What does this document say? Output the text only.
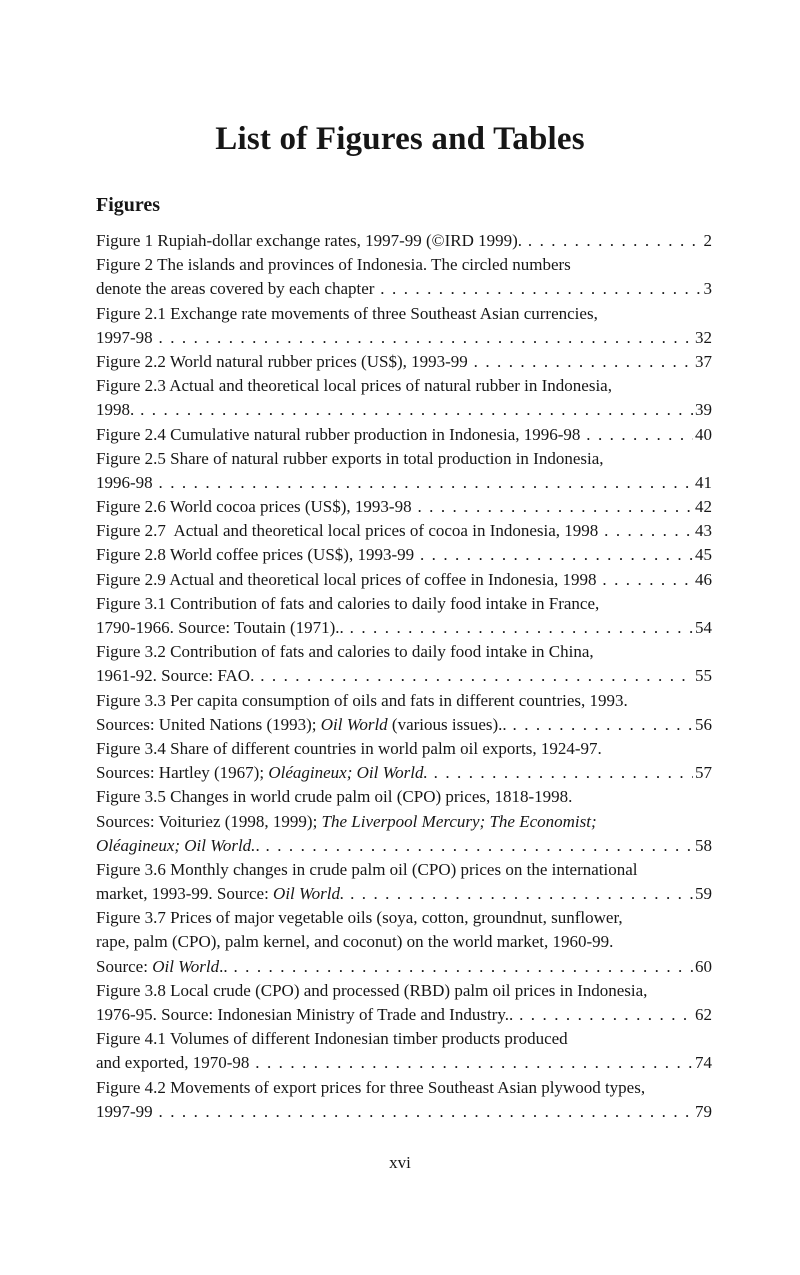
List of Figures and Tables
Figures
Figure 1 Rupiah-dollar exchange rates, 1997-99 (©IRD 1999). . . .	2
Figure 2 The islands and provinces of Indonesia. The circled numbers
denote the areas covered by each chapter . . .	3
Figure 2.1 Exchange rate movements of three Southeast Asian currencies,
1997-98 . . .	32
Figure 2.2 World natural rubber prices (US$), 1993-99 . . .	37
Figure 2.3 Actual and theoretical local prices of natural rubber in Indonesia,
1998. . . .	39
Figure 2.4 Cumulative natural rubber production in Indonesia, 1996-98 . . .	40
Figure 2.5 Share of natural rubber exports in total production in Indonesia,
1996-98 . . .	41
Figure 2.6 World cocoa prices (US$), 1993-98 . . .	42
Figure 2.7  Actual and theoretical local prices of cocoa in Indonesia, 1998 . . .	43
Figure 2.8 World coffee prices (US$), 1993-99 . . .	45
Figure 2.9 Actual and theoretical local prices of coffee in Indonesia, 1998 . . .	46
Figure 3.1 Contribution of fats and calories to daily food intake in France,
1790-1966. Source: Toutain (1971).. . . .	54
Figure 3.2 Contribution of fats and calories to daily food intake in China,
1961-92. Source: FAO. . . .	55
Figure 3.3 Per capita consumption of oils and fats in different countries, 1993.
Sources: United Nations (1993); Oil World (various issues).. . . .	56
Figure 3.4 Share of different countries in world palm oil exports, 1924-97.
Sources: Hartley (1967); Oléagineux; Oil World. . . .	57
Figure 3.5 Changes in world crude palm oil (CPO) prices, 1818-1998.
Sources: Voituriez (1998, 1999); The Liverpool Mercury; The Economist;
Oléagineux; Oil World. . . . .	58
Figure 3.6 Monthly changes in crude palm oil (CPO) prices on the international
market, 1993-99. Source: Oil World. . . .	59
Figure 3.7 Prices of major vegetable oils (soya, cotton, groundnut, sunflower,
rape, palm (CPO), palm kernel, and coconut) on the world market, 1960-99.
Source: Oil World .. . . .	60
Figure 3.8 Local crude (CPO) and processed (RBD) palm oil prices in Indonesia,
1976-95. Source: Indonesian Ministry of Trade and Industry.. . . .	62
Figure 4.1 Volumes of different Indonesian timber products produced
and exported, 1970-98 . . .	74
Figure 4.2 Movements of export prices for three Southeast Asian plywood types,
1997-99 . . .	79
xvi
